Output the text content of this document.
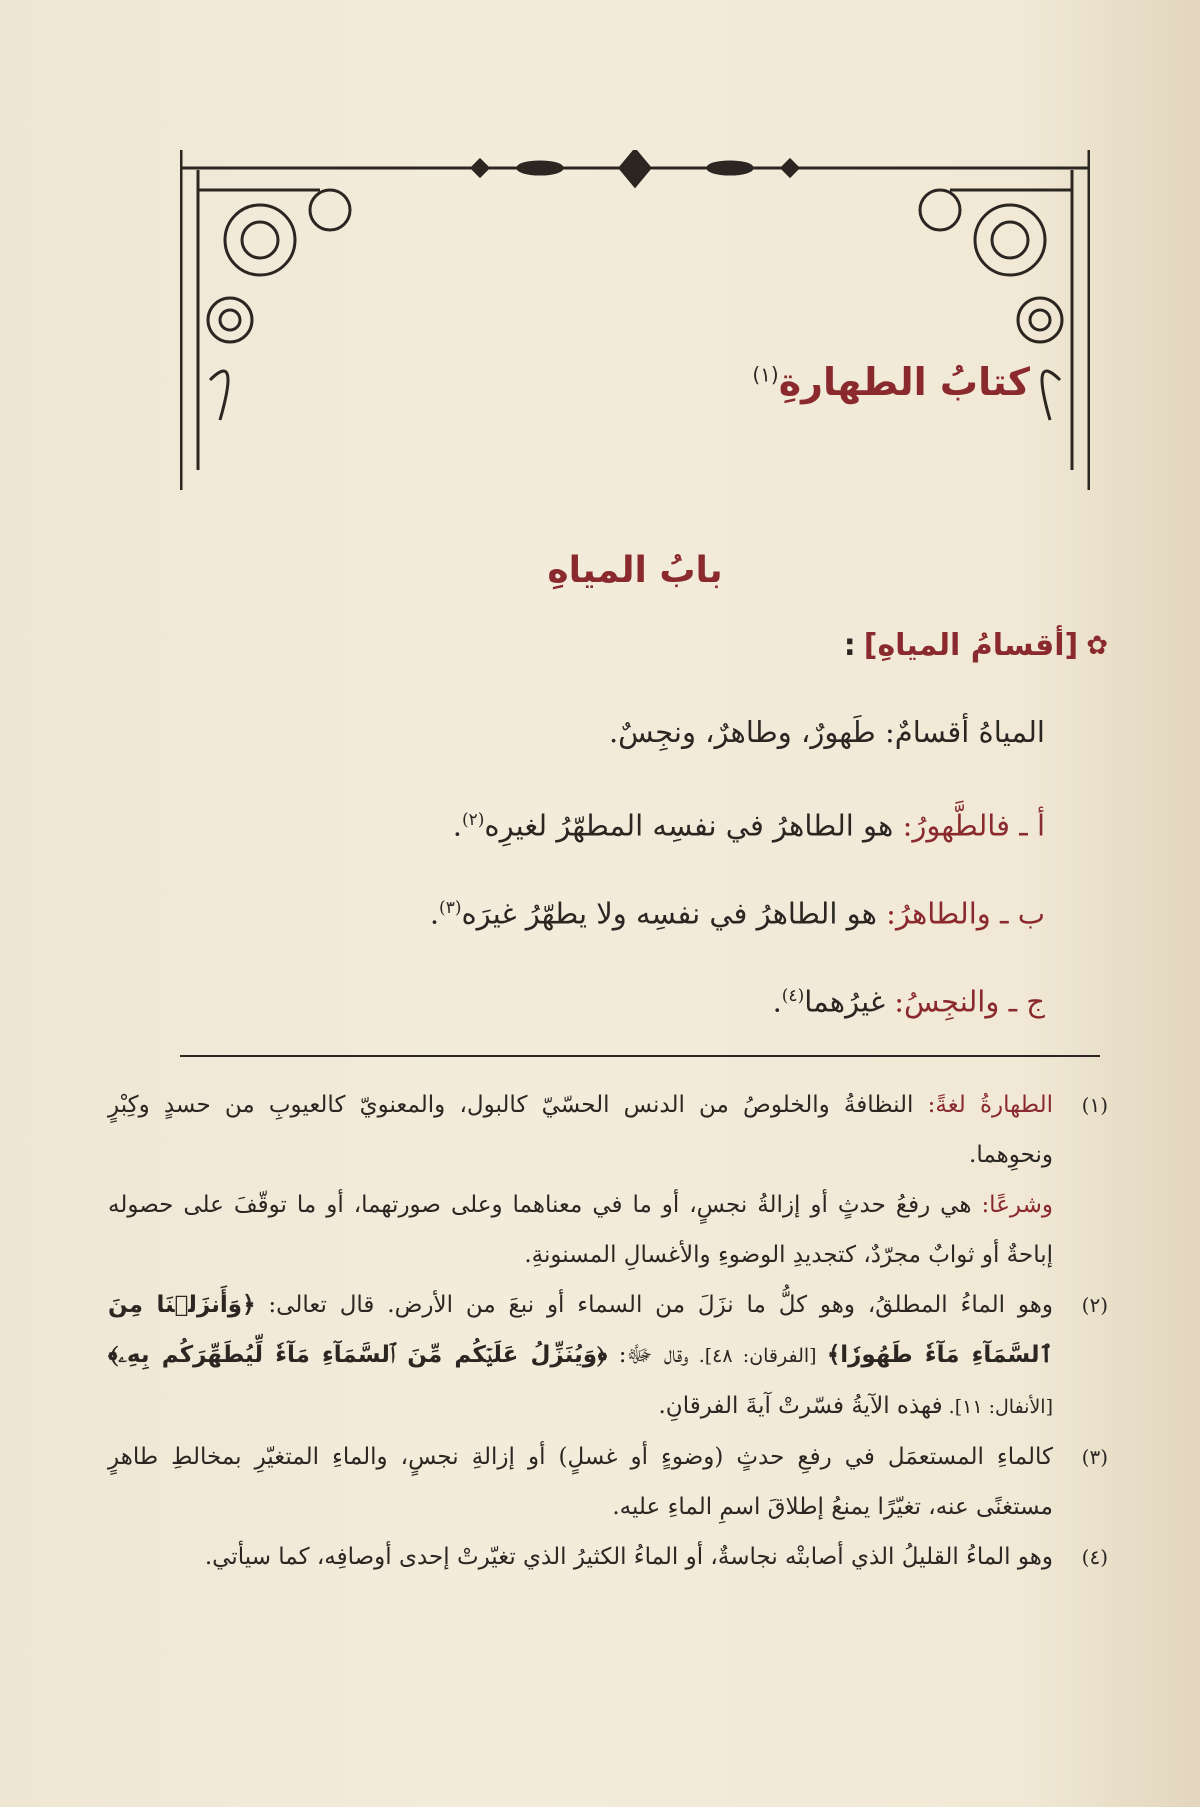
كتابُ الطهارةِ$^{(١)}$
بابُ المياهِ
✿
[أقسامُ المياهِ]
:
المياهُ أقسامٌ: طَهورٌ، وطاهرٌ، ونجِسٌ.
أ ـ فالطَّهورُ: هو الطاهرُ في نفسِه المطهّرُ لغيرِه$^{(٢)}$.
ب ـ والطاهرُ: هو الطاهرُ في نفسِه ولا يطهّرُ غيرَه$^{(٣)}$.
ج ـ والنجِسُ: غيرُهما$^{(٤)}$.
( ١ )

الطهارةُ لغةً: النظافةُ والخلوصُ من الدنس الحسّيّ كالبول، والمعنويّ كالعيوبِ من حسدٍ وكِبْرٍ ونحوِهما.

وشرعًا: هي رفعُ حدثٍ أو إزالةُ نجسٍ، أو ما في معناهما وعلى صورتهما، أو ما توقّفَ على حصوله إباحةٌ أو ثوابٌ مجرّدٌ، كتجديدِ الوضوءِ والأغسالِ المسنونةِ.

( ٢ )

وهو الماءُ المطلقُ، وهو كلُّ ما نزَلَ من السماء أو نبعَ من الأرض. قال تعالى: ﴿وَأَنزَلۡنَا مِنَ ٱلسَّمَآءِ مَآءٗ طَهُورٗا﴾ [الفرقان: ٤٨]. وقال ﷻ: ﴿وَيُنَزِّلُ عَلَيۡكُم مِّنَ ٱلسَّمَآءِ مَآءٗ لِّيُطَهِّرَكُم بِهِۦ﴾ [الأنفال: ١١]. فهذه الآيةُ فسّرتْ آيةَ الفرقانِ.

( ٣ )

كالماءِ المستعمَل في رفعِ حدثٍ (وضوءٍ أو غسلٍ) أو إزالةِ نجسٍ، والماءِ المتغيّرِ بمخالطِ طاهرٍ مستغنًى عنه، تغيّرًا يمنعُ إطلاقَ اسمِ الماءِ عليه.

( ٤ )

وهو الماءُ القليلُ الذي أصابتْه نجاسةٌ، أو الماءُ الكثيرُ الذي تغيّرتْ إحدى أوصافِه، كما سيأتي.
